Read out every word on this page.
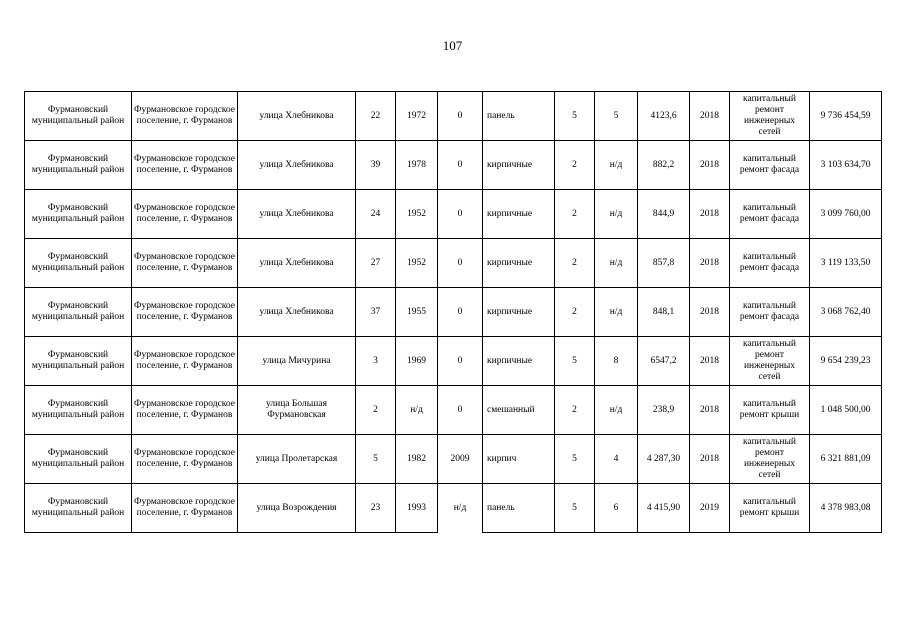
107
Фурмановский муниципальный район	Фурмановское городское поселение, г. Фурманов	улица Хлебникова	22	1972	0	панель	5	5	4123,6	2018	капитальный ремонт инженерных сетей	9 736 454,59
Фурмановский муниципальный район	Фурмановское городское поселение, г. Фурманов	улица Хлебникова	39	1978	0	кирпичные	2	н/д	882,2	2018	капитальный ремонт фасада	3 103 634,70
Фурмановский муниципальный район	Фурмановское городское поселение, г. Фурманов	улица Хлебникова	24	1952	0	кирпичные	2	н/д	844,9	2018	капитальный ремонт фасада	3 099 760,00
Фурмановский муниципальный район	Фурмановское городское поселение, г. Фурманов	улица Хлебникова	27	1952	0	кирпичные	2	н/д	857,8	2018	капитальный ремонт фасада	3 119 133,50
Фурмановский муниципальный район	Фурмановское городское поселение, г. Фурманов	улица Хлебникова	37	1955	0	кирпичные	2	н/д	848,1	2018	капитальный ремонт фасада	3 068 762,40
Фурмановский муниципальный район	Фурмановское городское поселение, г. Фурманов	улица Мичурина	3	1969	0	кирпичные	5	8	6547,2	2018	капитальный ремонт инженерных сетей	9 654 239,23
Фурмановский муниципальный район	Фурмановское городское поселение, г. Фурманов	улица Большая Фурмановская	2	н/д	0	смешанный	2	н/д	238,9	2018	капитальный ремонт крыши	1 048 500,00
Фурмановский муниципальный район	Фурмановское городское поселение, г. Фурманов	улица Пролетарская	5	1982	2009	кирпич	5	4	4 287,30	2018	капитальный ремонт инженерных сетей	6 321 881,09
Фурмановский муниципальный район	Фурмановское городское поселение, г. Фурманов	улица Возрождения	23	1993	н/д	панель	5	6	4 415,90	2019	капитальный ремонт крыши	4 378 983,08
